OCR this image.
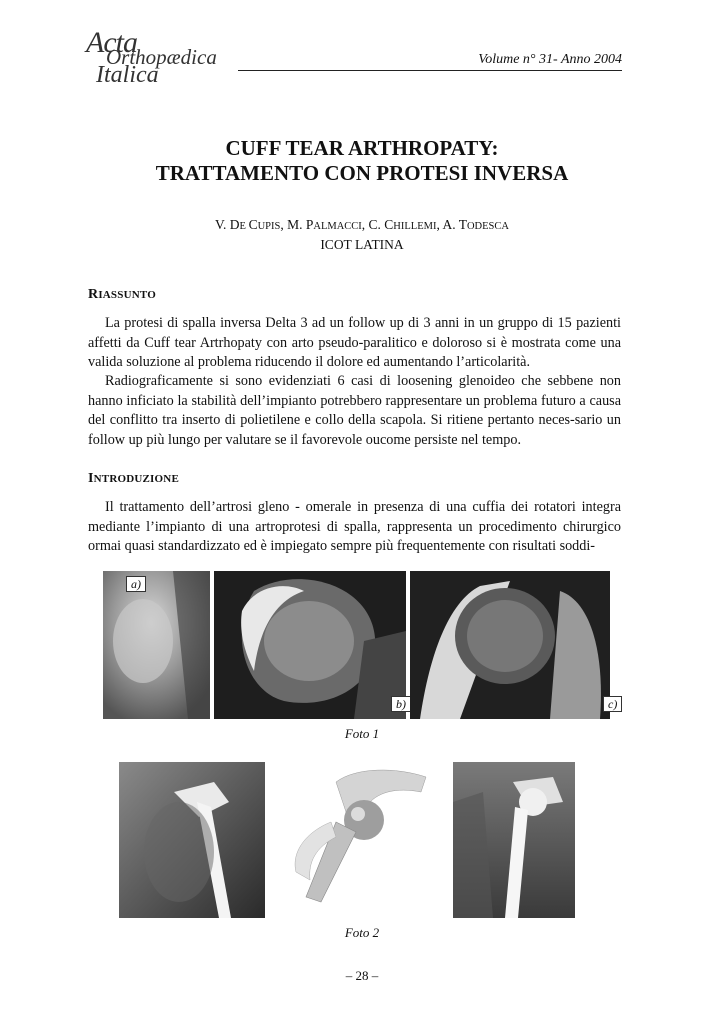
Acta
Orthopædica
Italica
Volume n° 31- Anno 2004
CUFF TEAR ARTHROPATY:
TRATTAMENTO CON PROTESI INVERSA
V. DE CUPIS, M. PALMACCI, C. CHILLEMI, A. TODESCA
ICOT LATINA
RIASSUNTO
La protesi di spalla inversa Delta 3 ad un follow up di 3 anni in un gruppo di 15 pazienti affetti da Cuff tear Artrhopaty con arto pseudo-paralitico e doloroso si è mostrata come una valida soluzione al problema riducendo il dolore ed aumentando l’articolarità.
Radiograficamente si sono evidenziati 6 casi di loosening glenoideo che sebbene non hanno inficiato la stabilità dell’impianto potrebbero rappresentare un problema futuro a causa del conflitto tra inserto di polietilene e collo della scapola. Si ritiene pertanto neces-sario un follow up più lungo per valutare se il favorevole oucome persiste nel tempo.
INTRODUZIONE
Il trattamento dell’artrosi gleno - omerale in presenza di una cuffia dei rotatori integra mediante l’impianto di una artroprotesi di spalla, rappresenta un procedimento chirurgico ormai quasi standardizzato ed è impiegato sempre più frequentemente con risultati soddi-
a)
b)	c)
Foto 1
Foto 2
– 28 –
